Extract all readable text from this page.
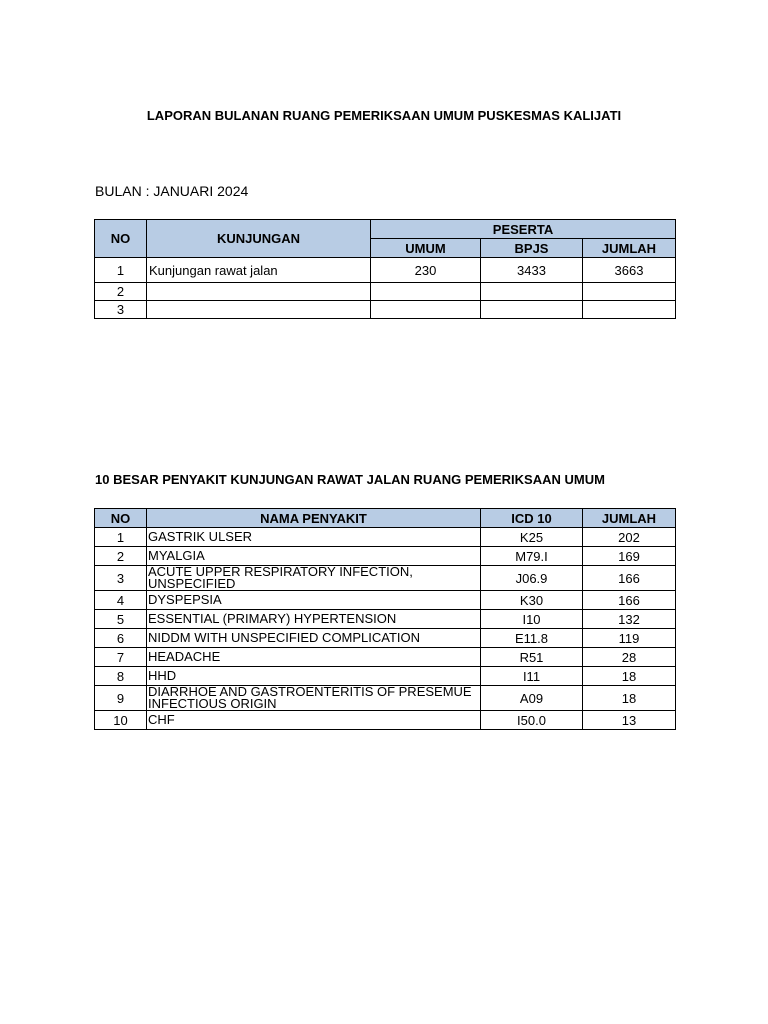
LAPORAN BULANAN RUANG PEMERIKSAAN UMUM PUSKESMAS KALIJATI
BULAN : JANUARI 2024
NO	KUNJUNGAN	PESERTA		
		UMUM	BPJS	JUMLAH
1	Kunjungan rawat jalan	230	3433	3663
2				
3				
10 BESAR PENYAKIT KUNJUNGAN RAWAT JALAN RUANG PEMERIKSAAN UMUM
NO	NAMA PENYAKIT	ICD 10	JUMLAH
1	GASTRIK ULSER	K25	202
2	MYALGIA	M79.I	169
3	ACUTE UPPER RESPIRATORY INFECTION, UNSPECIFIED	J06.9	166
4	DYSPEPSIA	K30	166
5	ESSENTIAL (PRIMARY) HYPERTENSION	I10	132
6	NIDDM WITH UNSPECIFIED COMPLICATION	E11.8	119
7	HEADACHE	R51	28
8	HHD	I11	18
9	DIARRHOE AND GASTROENTERITIS OF PRESEMUE INFECTIOUS ORIGIN	A09	18
10	CHF	I50.0	13
